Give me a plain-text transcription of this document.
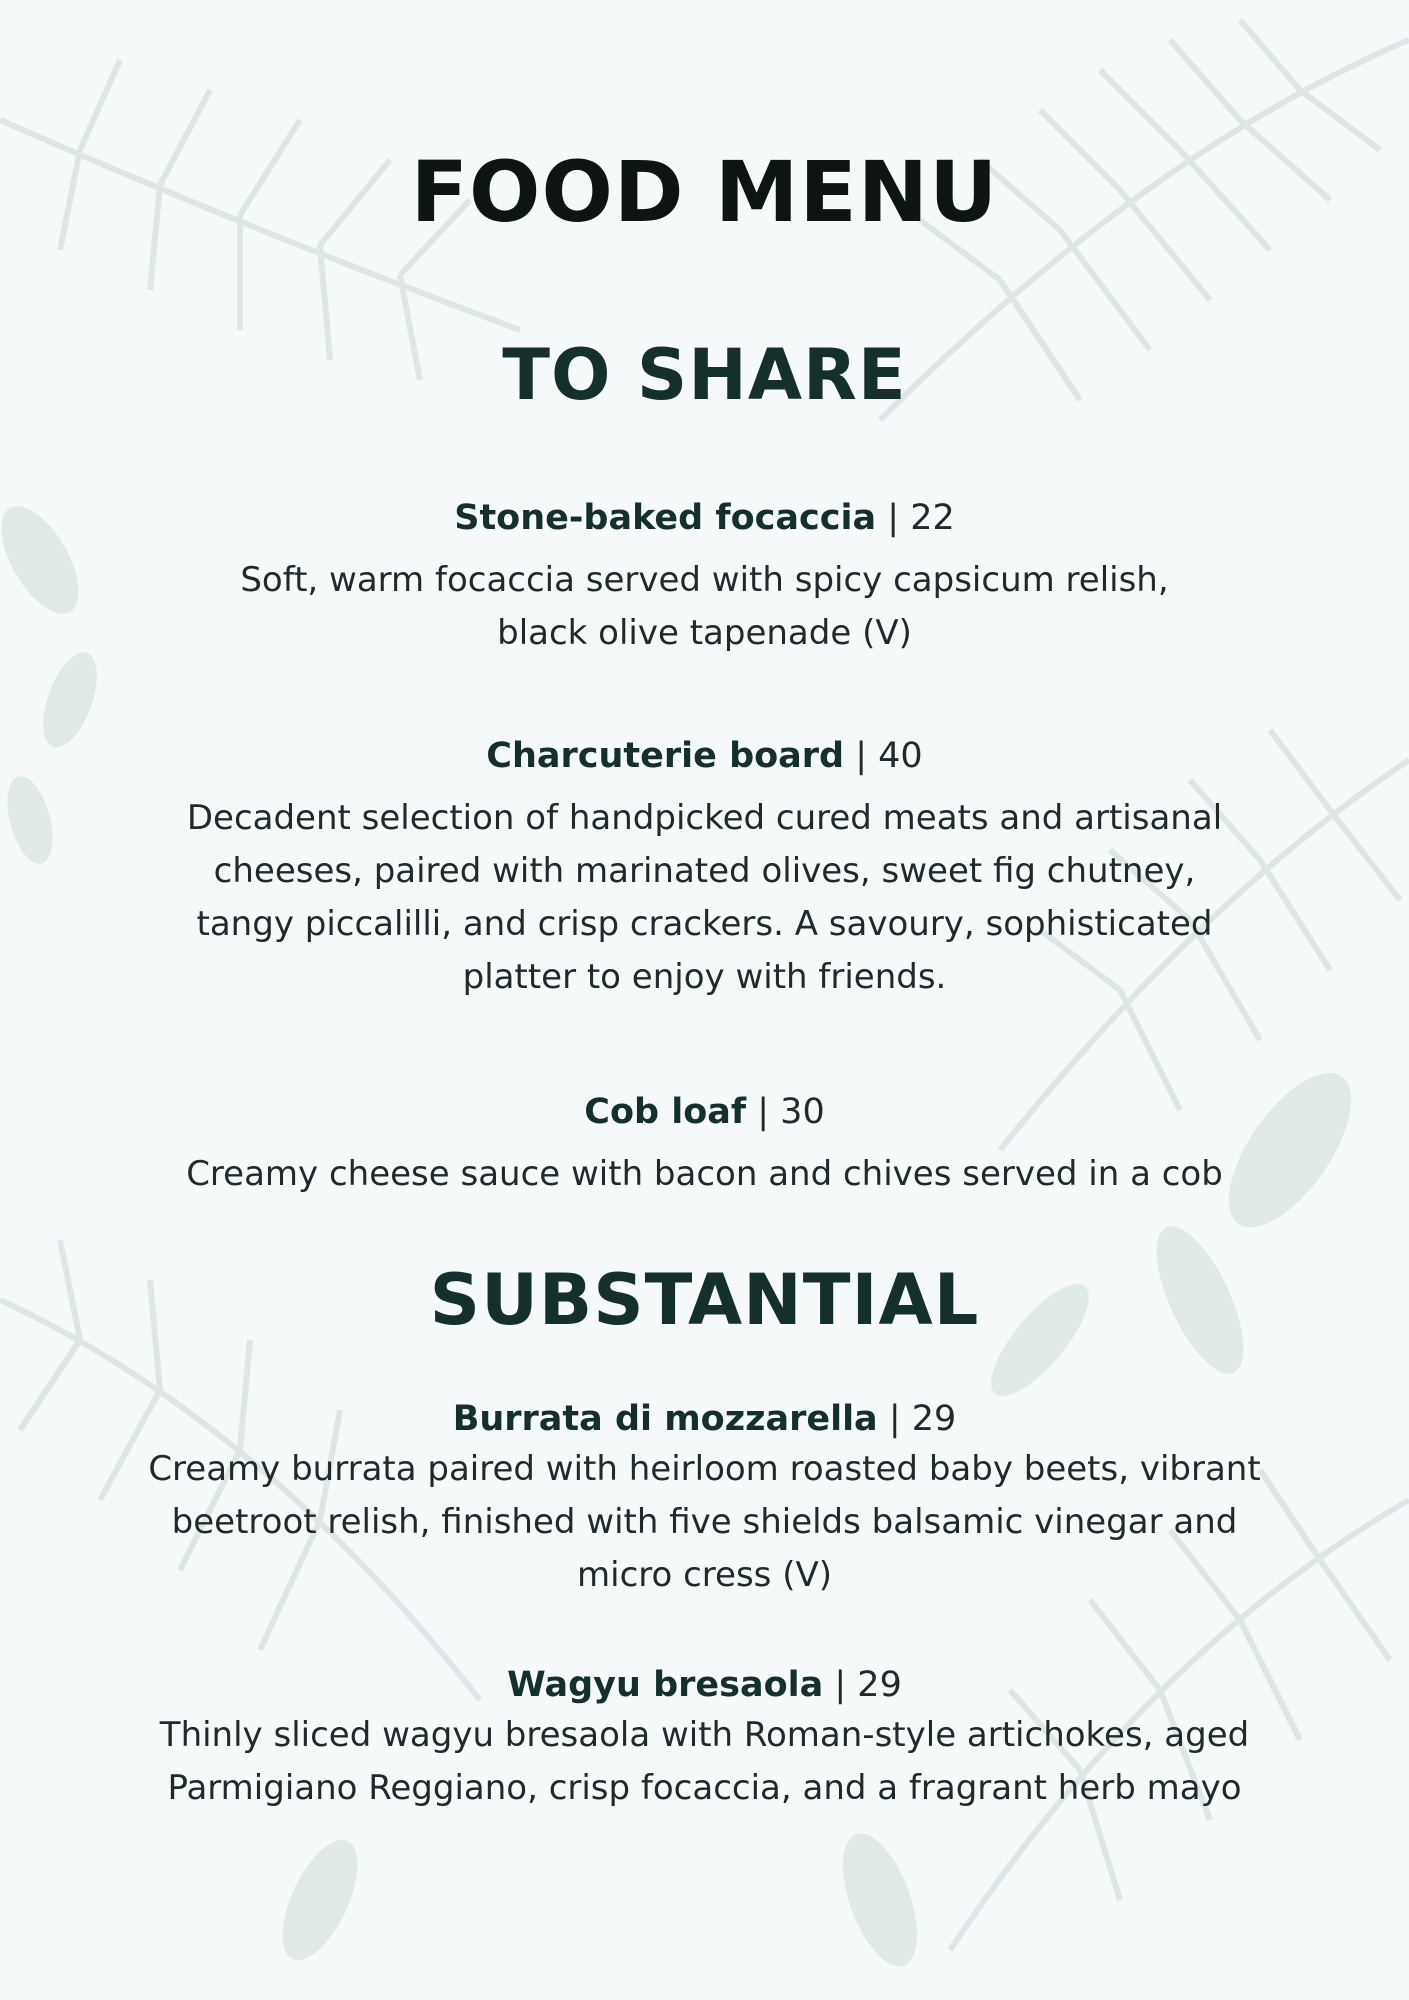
FOOD MENU
TO SHARE
Stone-baked focaccia | 22
Soft, warm focaccia served with spicy capsicum relish,
black olive tapenade (V)
Charcuterie board | 40
Decadent selection of handpicked cured meats and artisanal
cheeses, paired with marinated olives, sweet fig chutney,
tangy piccalilli, and crisp crackers. A savoury, sophisticated
platter to enjoy with friends.
Cob loaf | 30
Creamy cheese sauce with bacon and chives served in a cob
SUBSTANTIAL
Burrata di mozzarella | 29
Creamy burrata paired with heirloom roasted baby beets, vibrant
beetroot relish, finished with five shields balsamic vinegar and
micro cress (V)
Wagyu bresaola | 29
Thinly sliced wagyu bresaola with Roman-style artichokes, aged
Parmigiano Reggiano, crisp focaccia, and a fragrant herb mayo
